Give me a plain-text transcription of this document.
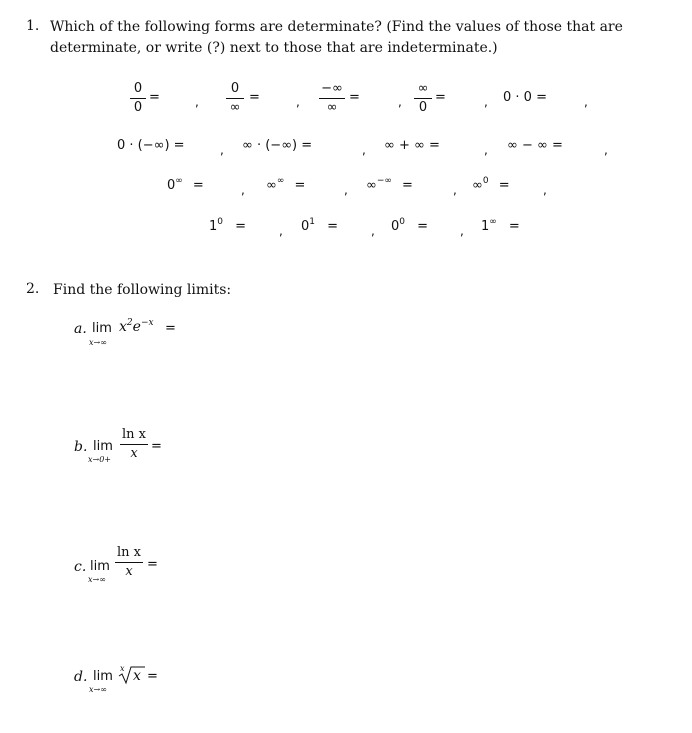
1. Which of the following forms are determinate? (Find the values of those that are
determinate, or write (?) next to those that are indeterminate.)
0
0
=	,
0
∞
=	,
−∞
∞
=	,
∞
0
=	, 0 · 0 =	,
0 · (−∞) =	, ∞ · (−∞) =	, ∞ + ∞ =	, ∞ − ∞ =	,
0∞ =	, ∞∞ =	, ∞−∞ =	, ∞$^0$ =	,
$1^0$ =	, $0^1$ =	, $0^0$ =	, 1∞ =
2. Find the following limits:
a. lim
x→∞
$x^2e^{-x}$ =
b. lim
x→0+
ln x
x	=
c. lim
x→∞
ln x
x	=
d. lim
x→∞
x x =
